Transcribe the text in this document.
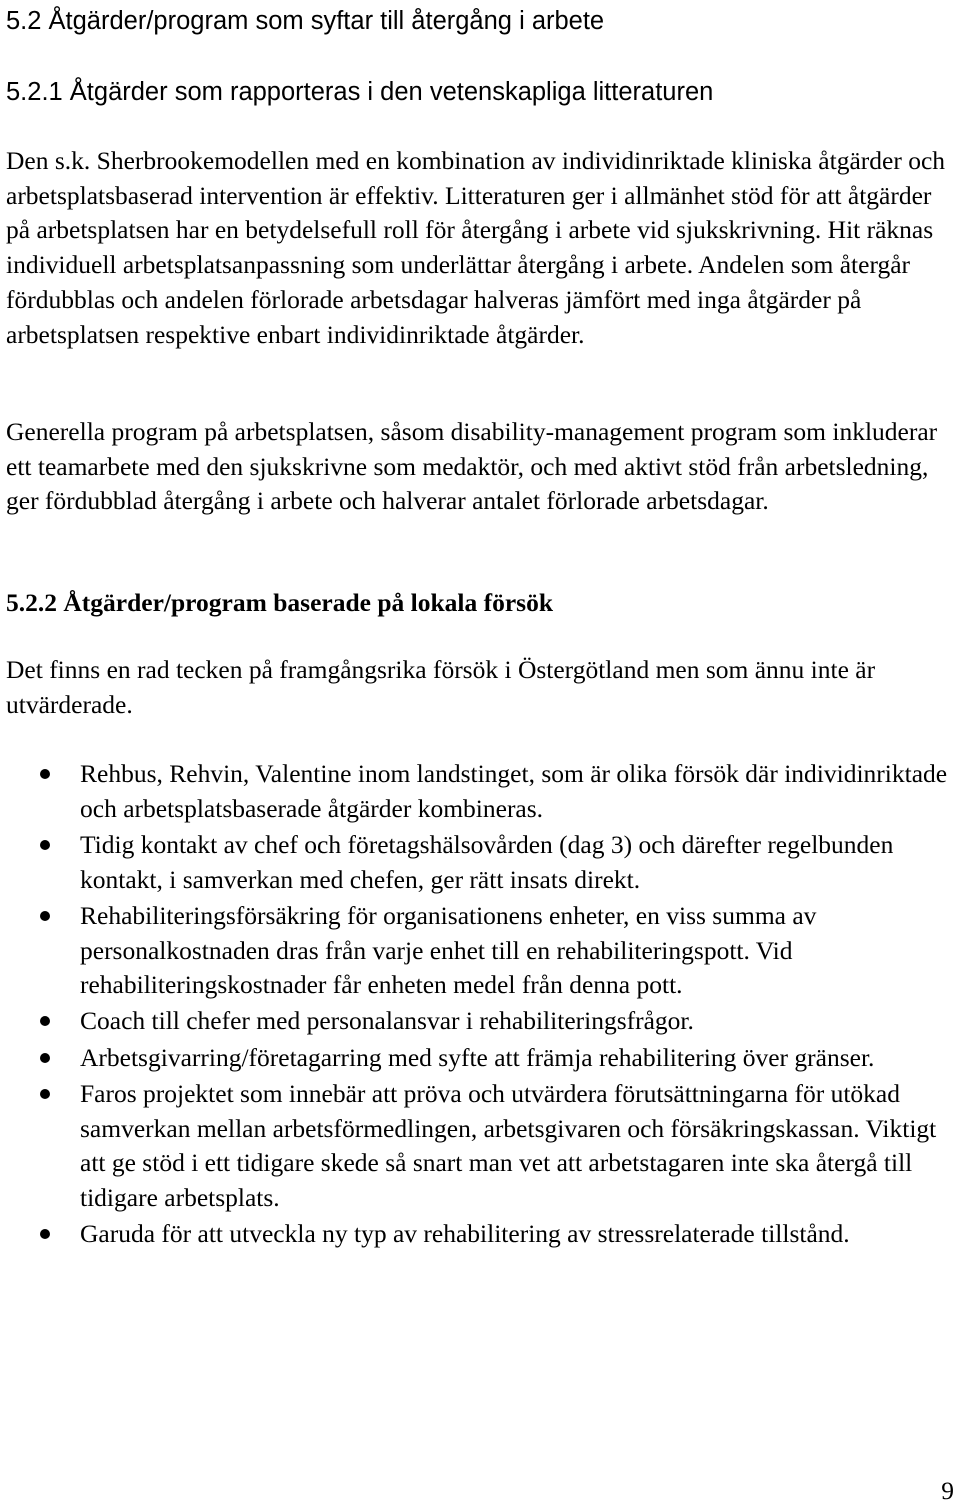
5.2 Åtgärder/program som syftar till återgång i arbete
5.2.1 Åtgärder som rapporteras i den vetenskapliga litteraturen
Den s.k. Sherbrookemodellen med en kombination av individinriktade kliniska åtgärder och arbetsplatsbaserad intervention är effektiv. Litteraturen ger i allmänhet stöd för att åtgärder på arbetsplatsen har en betydelsefull roll för återgång i arbete vid sjukskrivning. Hit räknas individuell arbetsplatsanpassning som underlättar återgång i arbete. Andelen som återgår fördubblas och andelen förlorade arbetsdagar halveras jämfört med inga åtgärder på arbetsplatsen respektive enbart individinriktade åtgärder.
Generella program på arbetsplatsen, såsom disability-management program som inkluderar ett teamarbete med den sjukskrivne som medaktör, och med aktivt stöd från arbetsledning, ger fördubblad återgång i arbete och halverar antalet förlorade arbetsdagar.
5.2.2 Åtgärder/program baserade på lokala försök
Det finns en rad tecken på framgångsrika försök i Östergötland men som ännu inte är utvärderade.
Rehbus, Rehvin, Valentine inom landstinget, som är olika försök där individinriktade och arbetsplatsbaserade åtgärder kombineras.
Tidig kontakt av chef och företagshälsovården (dag 3) och därefter regelbunden kontakt, i samverkan med chefen, ger rätt insats direkt.
Rehabiliteringsförsäkring för organisationens enheter, en viss summa av personalkostnaden dras från varje enhet till en rehabiliteringspott. Vid rehabiliteringskostnader får enheten medel från denna pott.
Coach till chefer med personalansvar i rehabiliteringsfrågor.
Arbetsgivarring/företagarring med syfte att främja rehabilitering över gränser.
Faros projektet som innebär att pröva och utvärdera förutsättningarna för utökad samverkan mellan arbetsförmedlingen, arbetsgivaren och försäkringskassan. Viktigt att ge stöd i ett tidigare skede så snart man vet att arbetstagaren inte ska återgå till tidigare arbetsplats.
Garuda för att utveckla ny typ av rehabilitering av stressrelaterade tillstånd.
9
